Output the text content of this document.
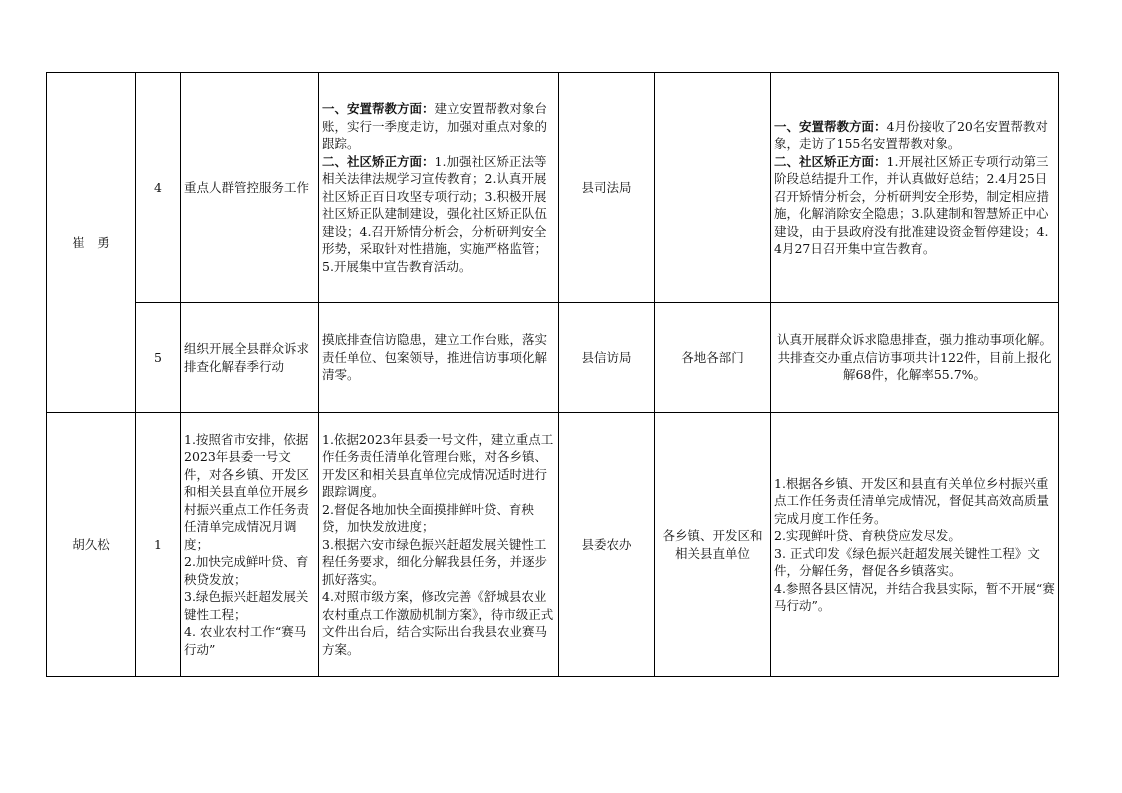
崔　勇	4	重点人群管控服务工作	一、安置帮教方面：建立安置帮教对象台账，实行一季度走访，加强对重点对象的跟踪。
二、社区矫正方面：1.加强社区矫正法等相关法律法规学习宣传教育；2.认真开展社区矫正百日攻坚专项行动；3.积极开展社区矫正队建制建设，强化社区矫正队伍建设；4.召开矫情分析会，分析研判安全形势，采取针对性措施，实施严格监管；5.开展集中宣告教育活动。	县司法局		一、安置帮教方面：4月份接收了20名安置帮教对象，走访了155名安置帮教对象。
二、社区矫正方面：1.开展社区矫正专项行动第三阶段总结提升工作，并认真做好总结；2.4月25日召开矫情分析会，分析研判安全形势，制定相应措施，化解消除安全隐患；3.队建制和智慧矫正中心建设，由于县政府没有批准建设资金暂停建设；4.4月27日召开集中宣告教育。
	5	组织开展全县群众诉求排查化解春季行动	摸底排查信访隐患，建立工作台账，落实责任单位、包案领导，推进信访事项化解清零。	县信访局	各地各部门	认真开展群众诉求隐患排查，强力推动事项化解。共排查交办重点信访事项共计122件，目前上报化解68件，化解率55.7%。
胡久松	1	1.按照省市安排，依据2023年县委一号文件，对各乡镇、开发区和相关县直单位开展乡村振兴重点工作任务责任清单完成情况月调度；
2.加快完成鲜叶贷、育秧贷发放；
3.绿色振兴赶超发展关键性工程；
4. 农业农村工作“赛马行动”	1.依据2023年县委一号文件，建立重点工作任务责任清单化管理台账，对各乡镇、开发区和相关县直单位完成情况适时进行跟踪调度。
2.督促各地加快全面摸排鲜叶贷、育秧贷，加快发放进度；
3.根据六安市绿色振兴赶超发展关键性工程任务要求，细化分解我县任务，并逐步抓好落实。
4.对照市级方案，修改完善《舒城县农业农村重点工作激励机制方案》，待市级正式文件出台后，结合实际出台我县农业赛马方案。	县委农办	各乡镇、开发区和相关县直单位	1.根据各乡镇、开发区和县直有关单位乡村振兴重点工作任务责任清单完成情况，督促其高效高质量完成月度工作任务。
2.实现鲜叶贷、育秧贷应发尽发。
3. 正式印发《绿色振兴赶超发展关键性工程》文件，分解任务，督促各乡镇落实。
4.参照各县区情况，并结合我县实际，暂不开展“赛马行动”。
